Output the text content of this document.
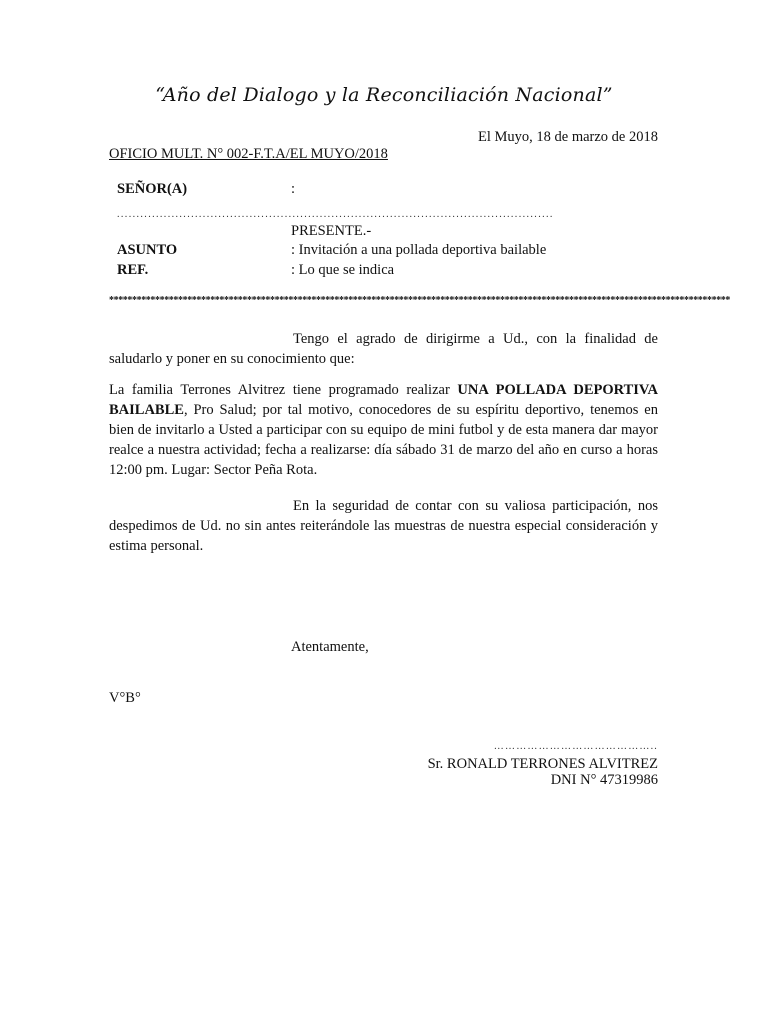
“Año del Dialogo y la Reconciliación Nacional”
El Muyo, 18 de marzo de 2018
OFICIO MULT. N° 002-F.T.A/EL MUYO/2018
SEÑOR(A)	:
................................................................................................................
PRESENTE.-
ASUNTO	: Invitación a una pollada deportiva bailable
REF.	: Lo que se indica
***************************************************************************************************************************************
Tengo el agrado de dirigirme a Ud., con la finalidad de saludarlo y poner en su conocimiento que:
La familia Terrones Alvitrez tiene programado realizar UNA POLLADA DEPORTIVA BAILABLE, Pro Salud; por tal motivo, conocedores de su espíritu deportivo, tenemos en bien de invitarlo a Usted a participar con su equipo de mini futbol y de esta manera dar mayor realce a nuestra actividad; fecha a realizarse: día sábado 31 de marzo del año en curso a horas 12:00 pm. Lugar: Sector Peña Rota.
En la seguridad de contar con su valiosa participación, nos despedimos de Ud. no sin antes reiterándole las muestras de nuestra especial consideración y estima personal.
Atentamente,
V°B°
……………………………………..
Sr. RONALD TERRONES ALVITREZ
DNI N° 47319986
